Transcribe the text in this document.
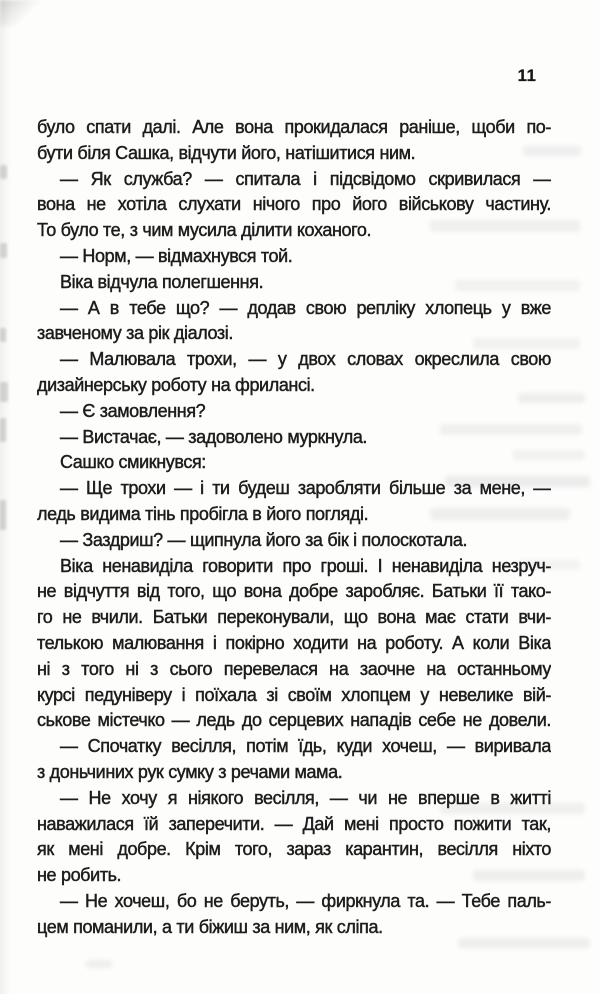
11
було спати далі. Але вона прокидалася раніше, щоби по-
бути біля Сашка, відчути його, натішитися ним.
— Як служба? — спитала і підсвідомо скривилася —
вона не хотіла слухати нічого про його військову частину.
То було те, з чим мусила ділити коханого.
— Норм, — відмахнувся той.
Віка відчула полегшення.
— А в тебе що? — додав свою репліку хлопець у вже
завченому за рік діалозі.
— Малювала трохи, — у двох словах окреслила свою
дизайнерську роботу на фрилансі.
— Є замовлення?
— Вистачає, — задоволено муркнула.
Сашко смикнувся:
— Ще трохи — і ти будеш заробляти більше за мене, —
ледь видима тінь пробігла в його погляді.
— Заздриш? — щипнула його за бік і полоскотала.
Віка ненавиділа говорити про гроші. І ненавиділа незруч-
не відчуття від того, що вона добре заробляє. Батьки її тако-
го не вчили. Батьки переконували, що вона має стати вчи-
телькою малювання і покірно ходити на роботу. А коли Віка
ні з того ні з сього перевелася на заочне на останньому
курсі педуніверу і поїхала зі своїм хлопцем у невелике вій-
ськове містечко — ледь до серцевих нападів себе не довели.
— Спочатку весілля, потім їдь, куди хочеш, — виривала
з доньчиних рук сумку з речами мама.
— Не хочу я ніякого весілля, — чи не вперше в житті
наважилася їй заперечити. — Дай мені просто пожити так,
як мені добре. Крім того, зараз карантин, весілля ніхто
не робить.
— Не хочеш, бо не беруть, — фиркнула та. — Тебе паль-
цем поманили, а ти біжиш за ним, як сліпа.
